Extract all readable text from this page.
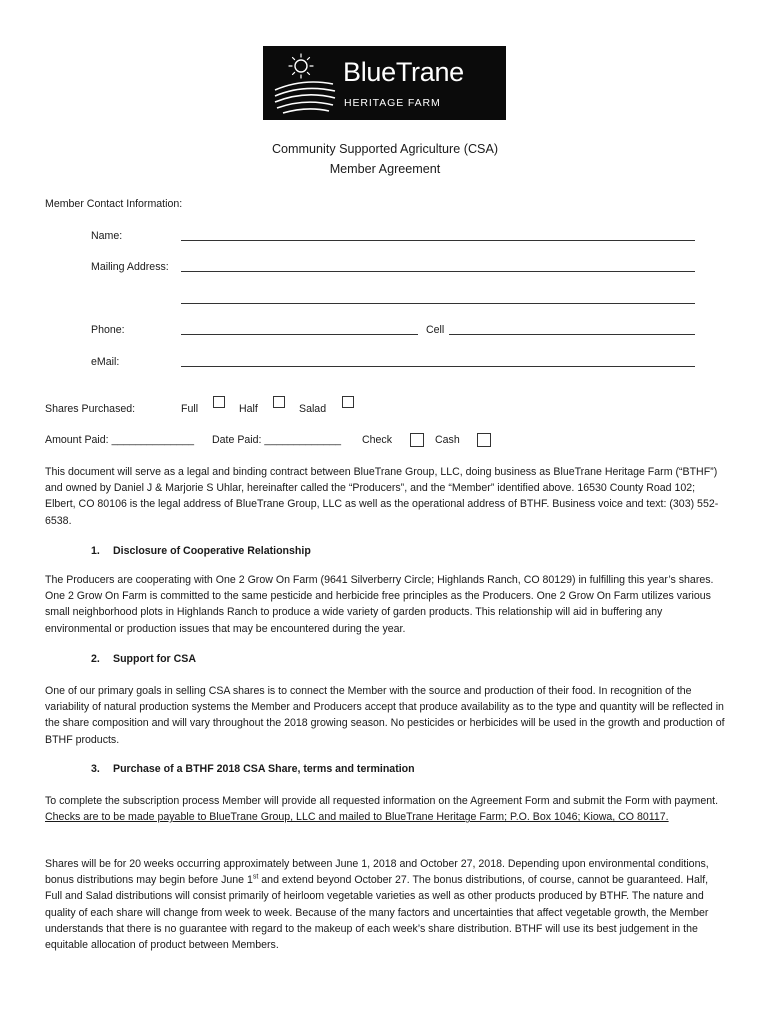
BlueTrane
HERITAGE FARM
Community Supported Agriculture (CSA)
Member Agreement
Member Contact Information:
Name:
Mailing Address:
Phone:	Cell
eMail:
Shares Purchased:	Full	Half	Salad
Amount Paid: ______________ Date Paid: _____________ Check	Cash
This document will serve as a legal and binding contract between BlueTrane Group, LLC, doing business as BlueTrane Heritage Farm (“BTHF”) and owned by Daniel J & Marjorie S Uhlar, hereinafter called the “Producers”, and the “Member” identified above. 16530 County Road 102; Elbert, CO 80106 is the legal address of BlueTrane Group, LLC as well as the operational address of BTHF. Business voice and text: (303) 552-6538.
1. Disclosure of Cooperative Relationship
The Producers are cooperating with One 2 Grow On Farm (9641 Silverberry Circle; Highlands Ranch, CO 80129) in fulfilling this year’s shares. One 2 Grow On Farm is committed to the same pesticide and herbicide free principles as the Producers. One 2 Grow On Farm utilizes various small neighborhood plots in Highlands Ranch to produce a wide variety of garden products. This relationship will aid in buffering any environmental or production issues that may be encountered during the year.
2. Support for CSA
One of our primary goals in selling CSA shares is to connect the Member with the source and production of their food. In recognition of the variability of natural production systems the Member and Producers accept that produce availability as to the type and quantity will be reflected in the share composition and will vary throughout the 2018 growing season. No pesticides or herbicides will be used in the growth and production of BTHF products.
3. Purchase of a BTHF 2018 CSA Share, terms and termination
To complete the subscription process Member will provide all requested information on the Agreement Form and submit the Form with payment. Checks are to be made payable to BlueTrane Group, LLC and mailed to BlueTrane Heritage Farm; P.O. Box 1046; Kiowa, CO 80117.
Shares will be for 20 weeks occurring approximately between June 1, 2018 and October 27, 2018. Depending upon environmental conditions, bonus distributions may begin before June 1st and extend beyond October 27. The bonus distributions, of course, cannot be guaranteed. Half, Full and Salad distributions will consist primarily of heirloom vegetable varieties as well as other products produced by BTHF. The nature and quality of each share will change from week to week. Because of the many factors and uncertainties that affect vegetable growth, the Member understands that there is no guarantee with regard to the makeup of each week’s share distribution. BTHF will use its best judgement in the equitable allocation of product between Members.
